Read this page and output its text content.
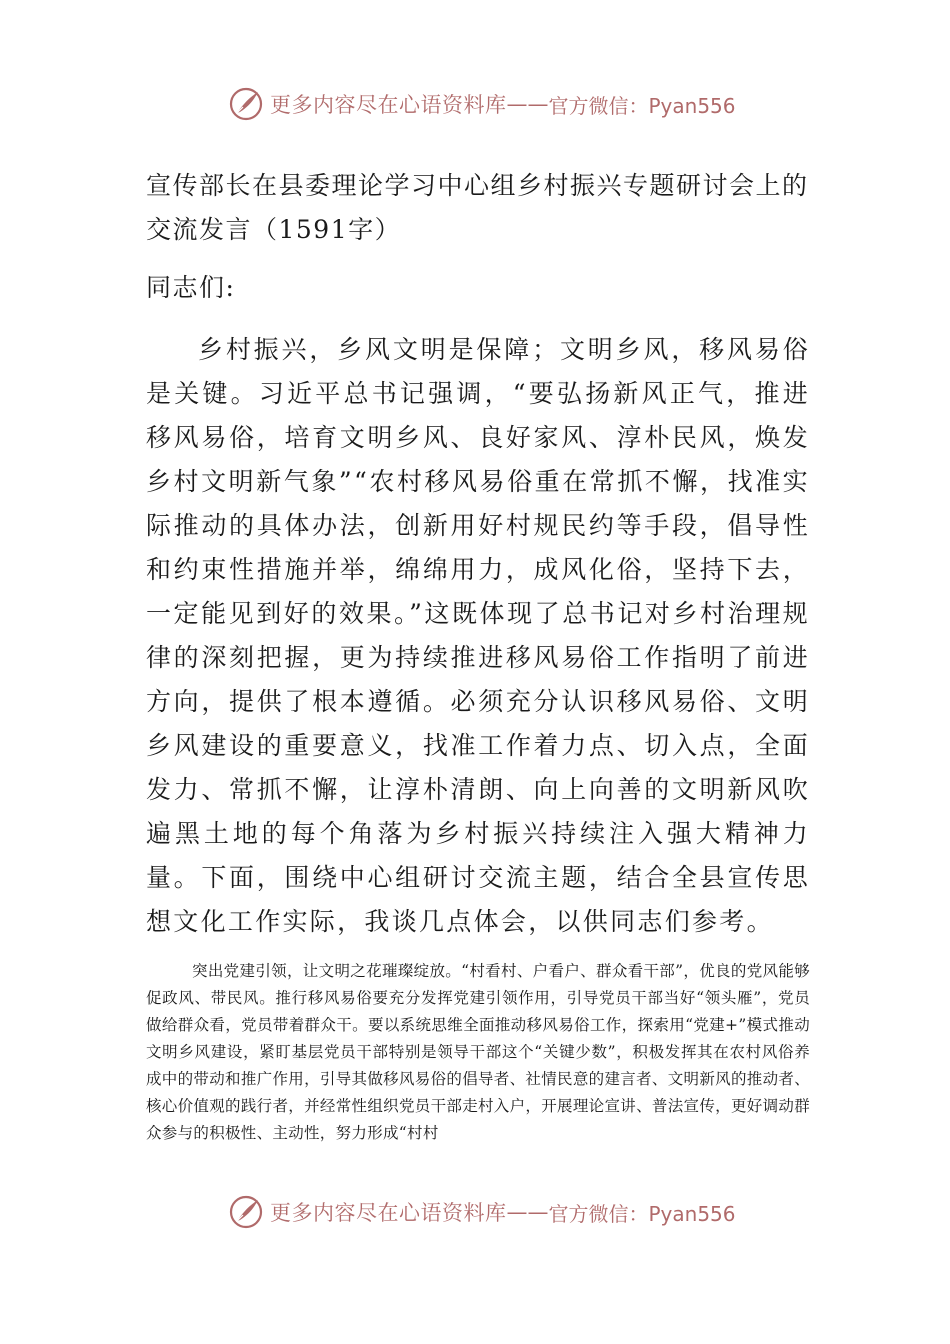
更多内容尽在心语资料库 —— 官方微信：Pyan556
宣传部长在县委理论学习中心组乡村振兴专题研讨会上的交流发言（1591字）

同志们:

乡村振兴，乡风文明是保障；文明乡风，移风易俗是关键。习近平总书记强调，“要弘扬新风正气，推进移风易俗，培育文明乡风、良好家风、淳朴民风，焕发乡村文明新气象”“农村移风易俗重在常抓不懈，找准实际推动的具体办法，创新用好村规民约等手段，倡导性和约束性措施并举，绵绵用力，成风化俗，坚持下去，一定能见到好的效果。”这既体现了总书记对乡村治理规律的深刻把握，更为持续推进移风易俗工作指明了前进方向，提供了根本遵循。必须充分认识移风易俗、文明乡风建设的重要意义，找准工作着力点、切入点，全面发力、常抓不懈，让淳朴清朗、向上向善的文明新风吹遍黑土地的每个角落为乡村振兴持续注入强大精神力量。下面，围绕中心组研讨交流主题，结合全县宣传思想文化工作实际，我谈几点体会，以供同志们参考。

突出党建引领，让文明之花璀璨绽放。“村看村、户看户、群众看干部”，优良的党风能够促政风、带民风。推行移风易俗要充分发挥党建引领作用，引导党员干部当好“领头雁”，党员做给群众看，党员带着群众干。要以系统思维全面推动移风易俗工作，探索用“党建+”模式推动文明乡风建设，紧盯基层党员干部特别是领导干部这个“关键少数”，积极发挥其在农村风俗养成中的带动和推广作用，引导其做移风易俗的倡导者、社情民意的建言者、文明新风的推动者、核心价值观的践行者，并经常性组织党员干部走村入户，开展理论宣讲、普法宣传，更好调动群众参与的积极性、主动性，努力形成“村村

更多内容尽在心语资料库 —— 官方微信：Pyan556
